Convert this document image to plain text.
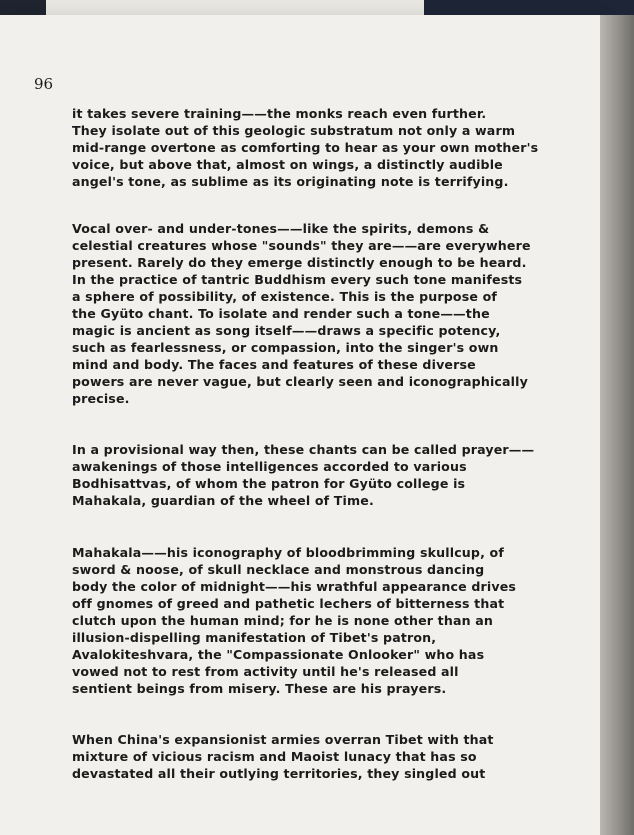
96

it takes severe training——the monks reach even further.
They isolate out of this geologic substratum not only a warm
mid-range overtone as comforting to hear as your own mother's
voice, but above that, almost on wings, a distinctly audible
angel's tone, as sublime as its originating note is terrifying.

Vocal over- and under-tones——like the spirits, demons &
celestial creatures whose "sounds" they are——are everywhere
present. Rarely do they emerge distinctly enough to be heard.
In the practice of tantric Buddhism every such tone manifests
a sphere of possibility, of existence. This is the purpose of
the Gyüto chant. To isolate and render such a tone——the
magic is ancient as song itself——draws a specific potency,
such as fearlessness, or compassion, into the singer's own
mind and body. The faces and features of these diverse
powers are never vague, but clearly seen and iconographically
precise.

In a provisional way then, these chants can be called prayer——
awakenings of those intelligences accorded to various
Bodhisattvas, of whom the patron for Gyüto college is
Mahakala, guardian of the wheel of Time.

Mahakala——his iconography of bloodbrimming skullcup, of
sword & noose, of skull necklace and monstrous dancing
body the color of midnight——his wrathful appearance drives
off gnomes of greed and pathetic lechers of bitterness that
clutch upon the human mind; for he is none other than an
illusion-dispelling manifestation of Tibet's patron,
Avalokiteshvara, the "Compassionate Onlooker" who has
vowed not to rest from activity until he's released all
sentient beings from misery. These are his prayers.

When China's expansionist armies overran Tibet with that
mixture of vicious racism and Maoist lunacy that has so
devastated all their outlying territories, they singled out
